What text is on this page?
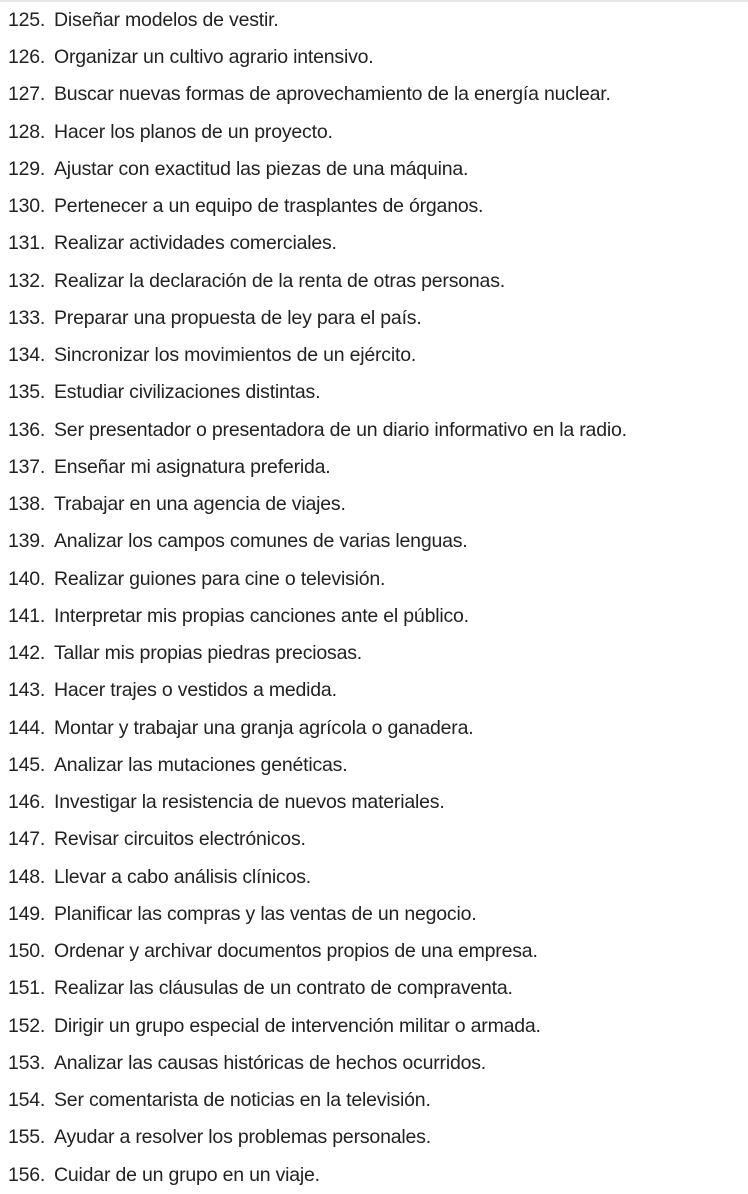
125. Diseñar modelos de vestir.
126. Organizar un cultivo agrario intensivo.
127. Buscar nuevas formas de aprovechamiento de la energía nuclear.
128. Hacer los planos de un proyecto.
129. Ajustar con exactitud las piezas de una máquina.
130. Pertenecer a un equipo de trasplantes de órganos.
131. Realizar actividades comerciales.
132. Realizar la declaración de la renta de otras personas.
133. Preparar una propuesta de ley para el país.
134. Sincronizar los movimientos de un ejército.
135. Estudiar civilizaciones distintas.
136. Ser presentador o presentadora de un diario informativo en la radio.
137. Enseñar mi asignatura preferida.
138. Trabajar en una agencia de viajes.
139. Analizar los campos comunes de varias lenguas.
140. Realizar guiones para cine o televisión.
141. Interpretar mis propias canciones ante el público.
142. Tallar mis propias piedras preciosas.
143. Hacer trajes o vestidos a medida.
144. Montar y trabajar una granja agrícola o ganadera.
145. Analizar las mutaciones genéticas.
146. Investigar la resistencia de nuevos materiales.
147. Revisar circuitos electrónicos.
148. Llevar a cabo análisis clínicos.
149. Planificar las compras y las ventas de un negocio.
150. Ordenar y archivar documentos propios de una empresa.
151. Realizar las cláusulas de un contrato de compraventa.
152. Dirigir un grupo especial de intervención militar o armada.
153. Analizar las causas históricas de hechos ocurridos.
154. Ser comentarista de noticias en la televisión.
155. Ayudar a resolver los problemas personales.
156. Cuidar de un grupo en un viaje.
